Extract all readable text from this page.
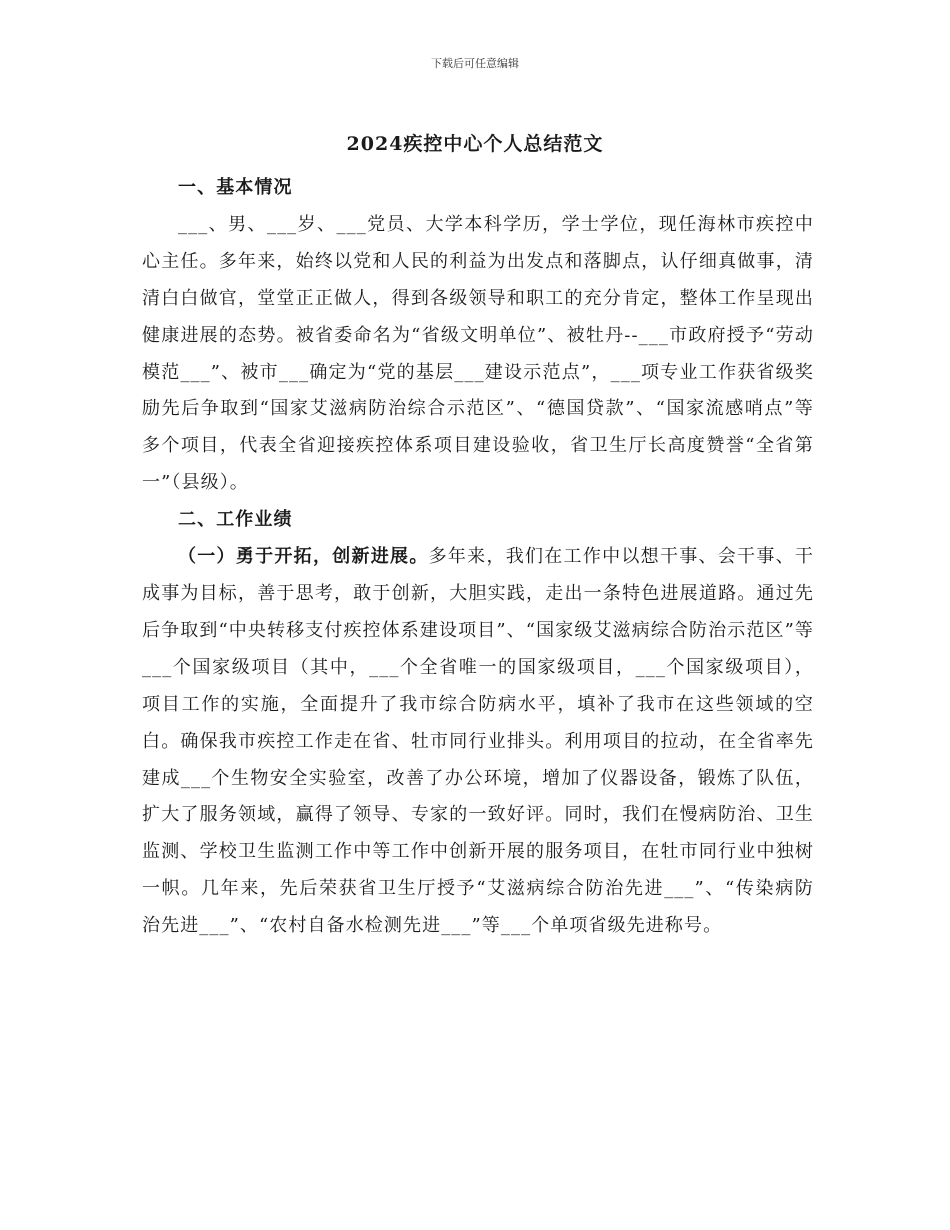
下载后可任意编辑
2024疾控中心个人总结范文

一、基本情况

___、男、___岁、___党员、大学本科学历，学士学位，现任海林市疾控中心主任。多年来，始终以党和人民的利益为出发点和落脚点，认仔细真做事，清清白白做官，堂堂正正做人，得到各级领导和职工的充分肯定，整体工作呈现出健康进展的态势。被省委命名为“省级文明单位”、被牡丹--___市政府授予“劳动模范___”、被市___确定为“党的基层___建设示范点”，___项专业工作获省级奖励先后争取到“国家艾滋病防治综合示范区”、“德国贷款”、“国家流感哨点”等多个项目，代表全省迎接疾控体系项目建设验收，省卫生厅长高度赞誉“全省第一”（县级）。

二、工作业绩

（一）勇于开拓，创新进展。多年来，我们在工作中以想干事、会干事、干成事为目标，善于思考，敢于创新，大胆实践，走出一条特色进展道路。通过先后争取到“中央转移支付疾控体系建设项目”、“国家级艾滋病综合防治示范区”等___个国家级项目（其中，___个全省唯一的国家级项目，___个国家级项目），项目工作的实施，全面提升了我市综合防病水平，填补了我市在这些领域的空白。确保我市疾控工作走在省、牡市同行业排头。利用项目的拉动，在全省率先建成___个生物安全实验室，改善了办公环境，增加了仪器设备，锻炼了队伍，扩大了服务领域，赢得了领导、专家的一致好评。同时，我们在慢病防治、卫生监测、学校卫生监测工作中等工作中创新开展的服务项目，在牡市同行业中独树一帜。几年来，先后荣获省卫生厅授予“艾滋病综合防治先进___”、“传染病防治先进___”、“农村自备水检测先进___”等___个单项省级先进称号。
